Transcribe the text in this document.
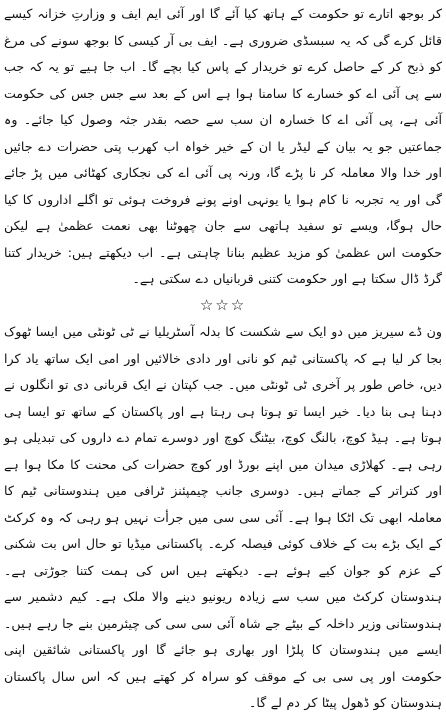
کر بوجھ اتارے تو حکومت کے ہاتھ کیا آئے گا اور آئی ایم ایف و وزارتِ خزانہ کیسے قائل کرے گی کہ یہ سبسڈی ضروری ہے۔ ایف بی آر کیسی کا بوجھ سونے کی مرغ کو ذبح کر کے حاصل کرے تو خریدار کے پاس کیا بچے گا۔ اب جا ہیے تو یہ کہ جب سے پی آئی اے کو خسارے کا سامنا ہوا ہے اس کے بعد سے جس جس کی حکومت آئی ہے، پی آئی اے کا خسارہ ان سب سے حصہ بقدر جثہ وصول کیا جائے۔ وہ جماعتیں جو یہ بیان کے لیڈر یا ان کے خیر خواہ اب کھرب پتی حضرات دے جائیں اور خدا والا معاملہ کر نا پڑے گا، ورنہ پی آئی اے کی نجکاری کھٹائی میں پڑ جائے گی اور یہ تجربہ نا کام ہوا یا یونہی اونے پونے فروخت ہوئی تو اگلے اداروں کا کیا حال ہوگا، ویسے تو سفید ہاتھی سے جان چھوٹنا بھی نعمت عظمیٰ ہے لیکن حکومت اس عظمیٰ کو مزید عظیم بنانا چاہتی ہے۔ اب دیکھتے ہیں: خریدار کتنا گرڈ ڈال سکتا ہے اور حکومت کتنی قربانیاں دے سکتی ہے۔
☆☆☆
ون ڈے سیریز میں دو ایک سے شکست کا بدلہ آسٹریلیا نے ٹی ٹونٹی میں ایسا ٹھوک بجا کر لیا ہے کہ پاکستانی ٹیم کو نانی اور دادی خالائیں اور امی ایک ساتھ یاد کرا دیں، خاص طور پر آخری ٹی ٹونٹی میں۔ جب کپتان نے ایک قربانی دی تو انگلوں نے دہنا ہی بنا دیا۔ خیر ایسا تو ہوتا ہی رہتا ہے اور پاکستان کے ساتھ تو ایسا ہی ہوتا ہے۔ ہیڈ کوچ، بالنگ کوچ، بیٹنگ کوچ اور دوسرے تمام دے داروں کی تبدیلی ہو رہی ہے۔ کھلاڑی میدان میں اپنے بورڈ اور کوچ حضرات کی محنت کا مکا ہوا ہے اور کتراتر کے جماتے ہیں۔ دوسری جانب چیمپئنز ٹرافی میں ہندوستانی ٹیم کا معاملہ ابھی تک اٹکا ہوا ہے۔ آئی سی سی میں جرأت نہیں ہو رہی کہ وہ کرکٹ کے ایک بڑے بت کے خلاف کوئی فیصلہ کرے۔ پاکستانی میڈیا تو حال اس بت شکنی کے عزم کو جوان کیے ہوئے ہے۔ دیکھتے ہیں اس کی ہمت کتنا جوڑتی ہے۔ ہندوستان کرکٹ میں سب سے زیادہ ریونیو دینے والا ملک ہے۔ کیم دشمیر سے ہندوستانی وزیر داخلہ کے بیٹے جے شاہ آئی سی سی کی چیئرمین بنے جا رہے ہیں۔ ایسے میں ہندوستان کا پلڑا اور بھاری ہو جائے گا اور پاکستانی شائقین اپنی حکومت اور پی سی بی کے موقف کو سراہ کر کھتے ہیں کہ اس سال پاکستان ہندوستان کو ڈھول پیٹا کر دم لے گا۔
